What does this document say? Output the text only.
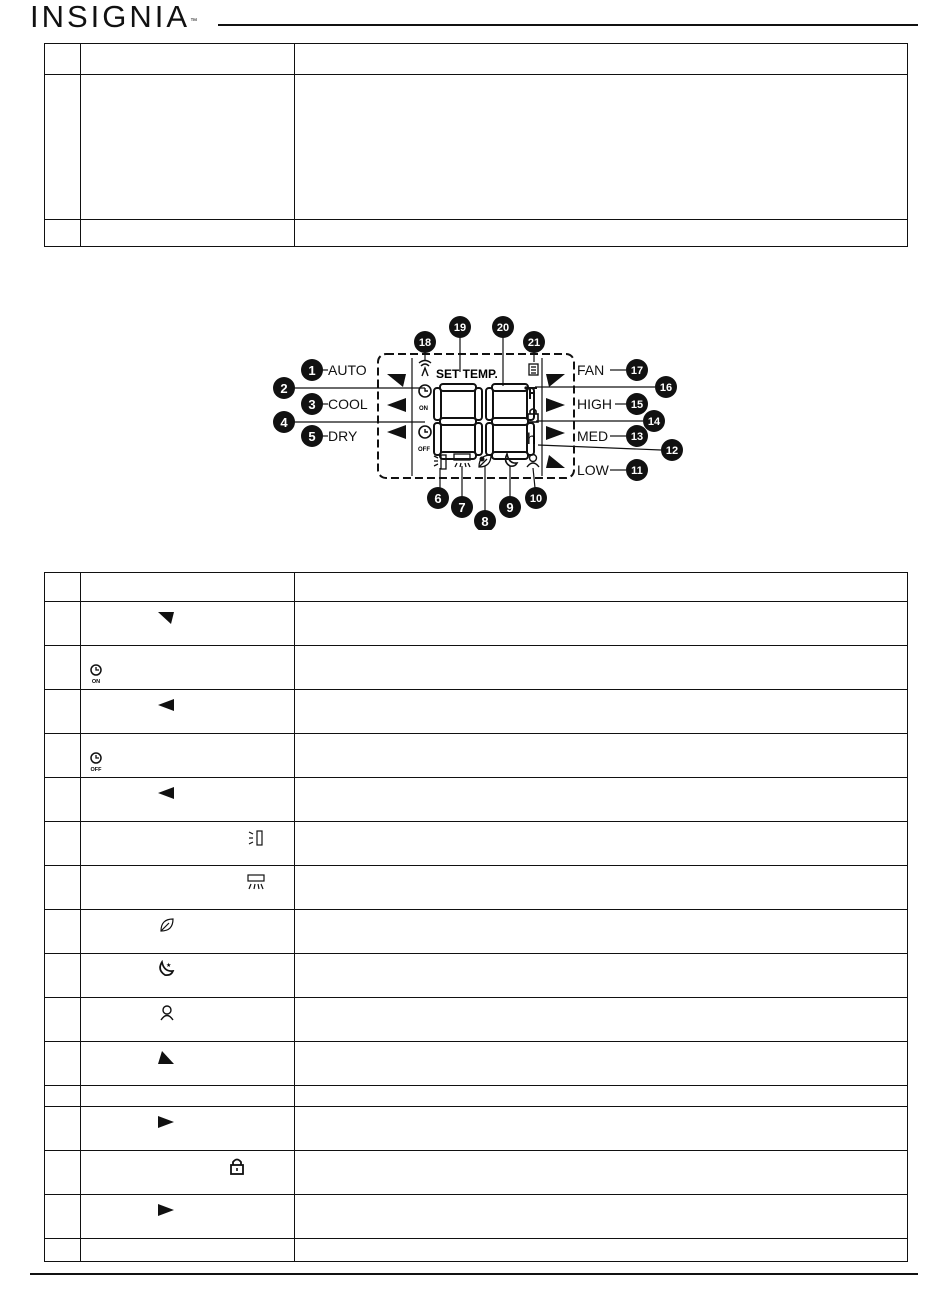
INSIGNIA™

SET TEMP.
ON
OFF
h
1
2
3
4
5
17
16
15
14
13
12
11
18
19	20
21
6
7
8
9
10
AUTO
COOL
DRY
FAN
HIGH
MED
LOW

ON	

OFF	

★	
